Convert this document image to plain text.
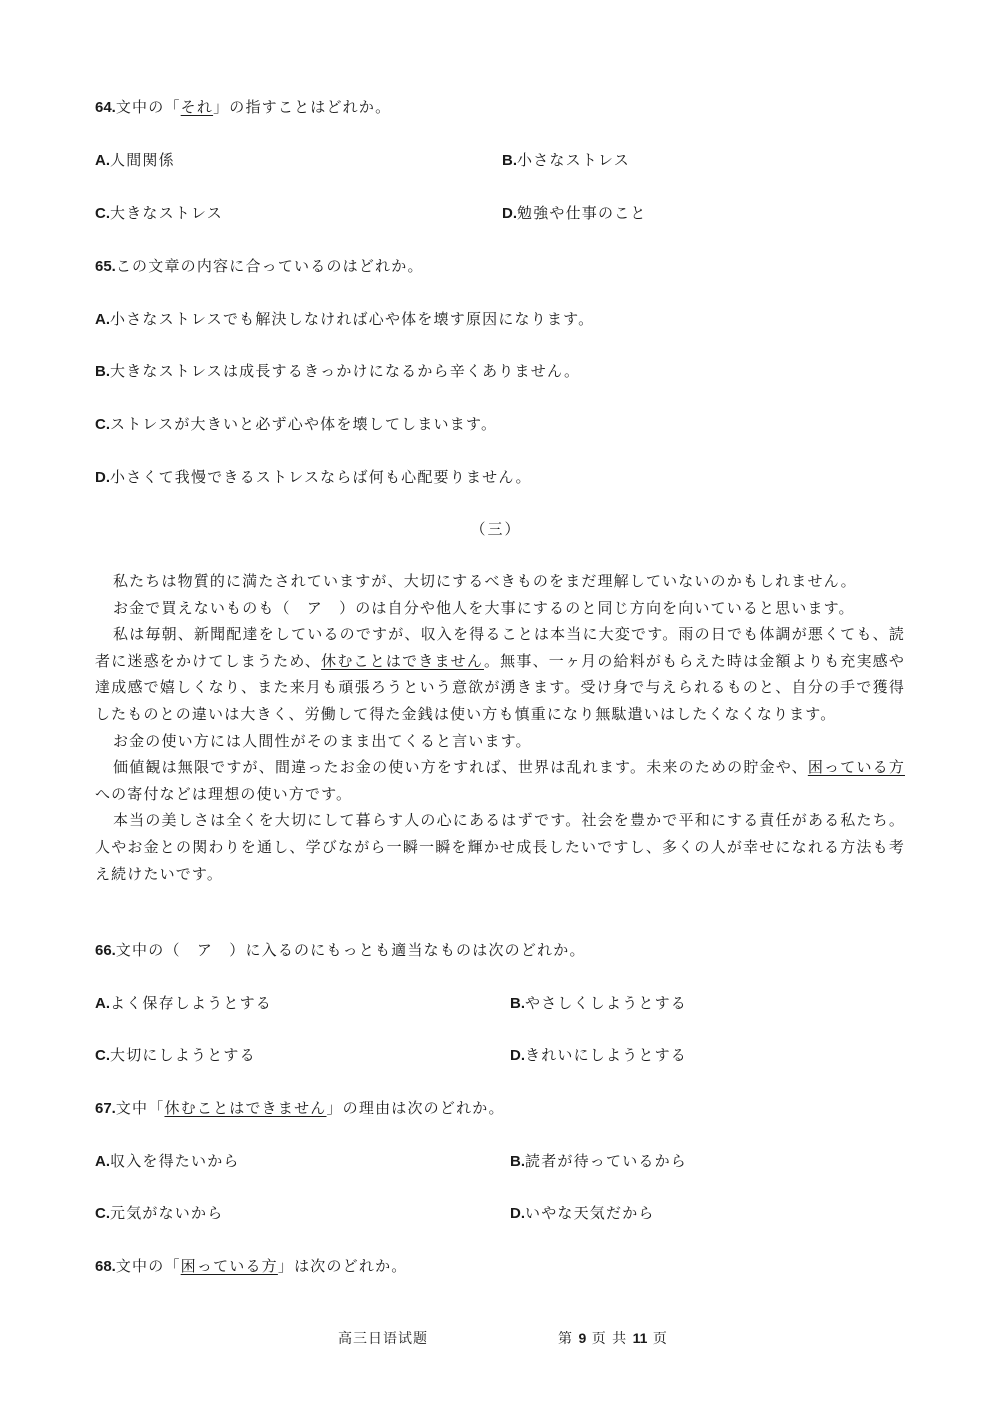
64.文中の「それ」の指すことはどれか。
A.人間関係	B.小さなストレス
C.大きなストレス	D.勉強や仕事のこと
65.この文章の内容に合っているのはどれか。
A.小さなストレスでも解決しなければ心や体を壊す原因になります。
B.大きなストレスは成長するきっかけになるから辛くありません。
C.ストレスが大きいと必ず心や体を壊してしまいます。
D.小さくて我慢できるストレスならば何も心配要りません。
（三）

私たちは物質的に満たされていますが、大切にするべきものをまだ理解していないのかもしれません。

お金で買えないものも（　ア　）のは自分や他人を大事にするのと同じ方向を向いていると思います。

私は毎朝、新聞配達をしているのですが、収入を得ることは本当に大変です。雨の日でも体調が悪くても、読者に迷惑をかけてしまうため、休むことはできません。無事、一ヶ月の給料がもらえた時は金額よりも充実感や達成感で嬉しくなり、また来月も頑張ろうという意欲が湧きます。受け身で与えられるものと、自分の手で獲得したものとの違いは大きく、労働して得た金銭は使い方も慎重になり無駄遣いはしたくなくなります。

お金の使い方には人間性がそのまま出てくると言います。

価値観は無限ですが、間違ったお金の使い方をすれば、世界は乱れます。未来のための貯金や、困っている方への寄付などは理想の使い方です。

本当の美しさは全くを大切にして暮らす人の心にあるはずです。社会を豊かで平和にする責任がある私たち。人やお金との関わりを通し、学びながら一瞬一瞬を輝かせ成長したいですし、多くの人が幸せになれる方法も考え続けたいです。

66.文中の（　ア　）に入るのにもっとも適当なものは次のどれか。
A.よく保存しようとする	B.やさしくしようとする
C.大切にしようとする	D.きれいにしようとする
67.文中「休むことはできません」の理由は次のどれか。
A.収入を得たいから	B.読者が待っているから
C.元気がないから	D.いやな天気だから
68.文中の「困っている方」は次のどれか。
高三日语试题	第 9 页 共 11 页
